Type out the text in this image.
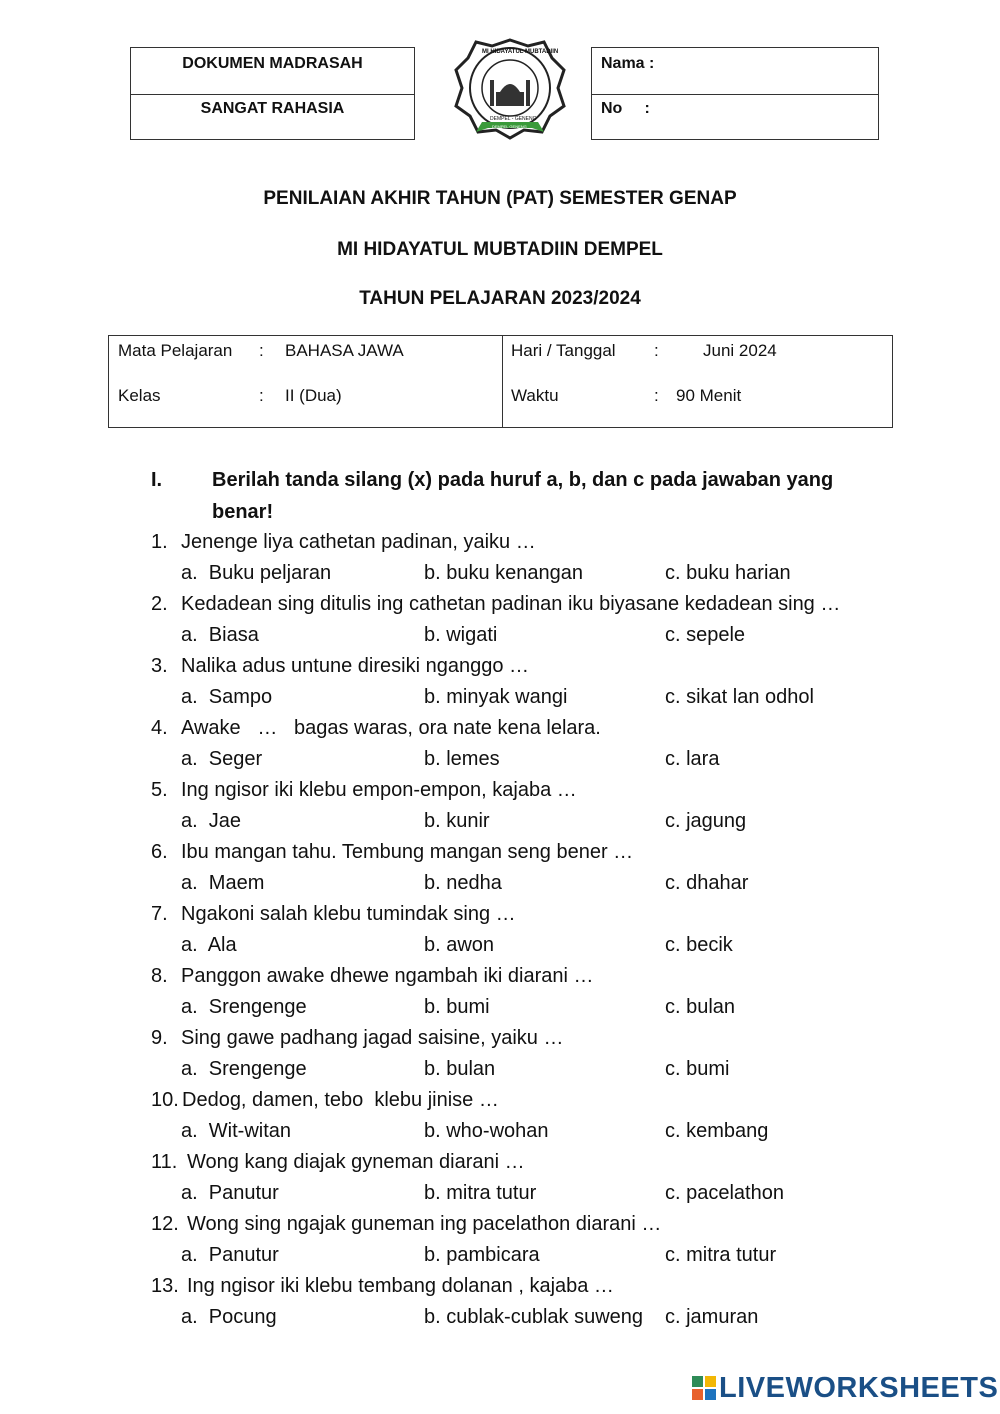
DOKUMEN MADRASAH
SANGAT RAHASIA
MI HIDAYATUL MUBTADIIN
DEMPEL - GENENG
DEMPEL GENENG
Nama :
No     :
PENILAIAN AKHIR TAHUN (PAT) SEMESTER GENAP
MI HIDAYATUL MUBTADIIN DEMPEL
TAHUN PELAJARAN 2023/2024
Mata Pelajaran : BAHASA JAWA
Kelas	: II (Dua)
Hari / Tanggal :	Juni 2024
Waktu	: 90 Menit
I. Berilah tanda silang (x) pada huruf a, b, dan c pada jawaban yang
benar!
1. Jenenge liya cathetan padinan, yaiku …
a.  Buku peljaran	b. buku kenangan	c. buku harian
2. Kedadean sing ditulis ing cathetan padinan iku biyasane kedadean sing …
a.  Biasa	b. wigati	c. sepele
3. Nalika adus untune diresiki nganggo …
a.  Sampo	b. minyak wangi	c. sikat lan odhol
4. Awake   …   bagas waras, ora nate kena lelara.
a.  Seger	b. lemes	c. lara
5. Ing ngisor iki klebu empon-empon, kajaba …
a.  Jae	b. kunir	c. jagung
6. Ibu mangan tahu. Tembung mangan seng bener …
a.  Maem	b. nedha	c. dhahar
7. Ngakoni salah klebu tumindak sing …
a.  Ala	b. awon	c. becik
8. Panggon awake dhewe ngambah iki diarani …
a.  Srengenge	b. bumi	c. bulan
9. Sing gawe padhang jagad saisine, yaiku …
a.  Srengenge	b. bulan	c. bumi
10. Dedog, damen, tebo  klebu jinise …
a.  Wit-witan	b. who-wohan	c. kembang
11. Wong kang diajak gyneman diarani …
a.  Panutur	b. mitra tutur	c. pacelathon
12. Wong sing ngajak guneman ing pacelathon diarani …
a.  Panutur	b. pambicara	c. mitra tutur
13. Ing ngisor iki klebu tembang dolanan , kajaba …
a.  Pocung	b. cublak-cublak suweng c. jamuran
LIVEWORKSHEETS
